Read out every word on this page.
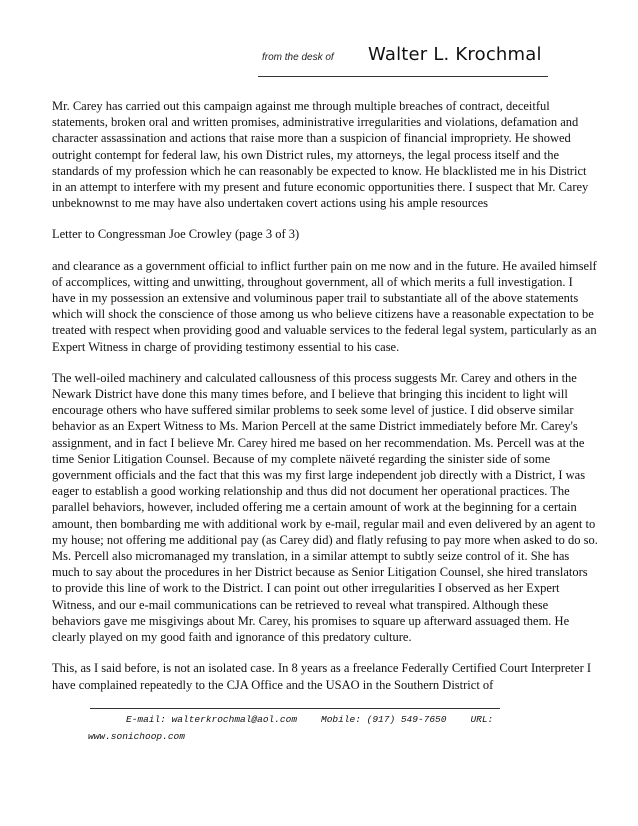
from the desk of Walter L. Krochmal

Mr. Carey has carried out this campaign against me through multiple breaches of contract, deceitful statements, broken oral and written promises, administrative irregularities and violations, defamation and character assassination and actions that raise more than a suspicion of financial impropriety. He showed outright contempt for federal law, his own District rules, my attorneys, the legal process itself and the standards of my profession which he can reasonably be expected to know. He blacklisted me in his District in an attempt to interfere with my present and future economic opportunities there. I suspect that Mr. Carey unbeknownst to me may have also undertaken covert actions using his ample resources

Letter to Congressman Joe Crowley (page 3 of 3)

and clearance as a government official to inflict further pain on me now and in the future. He availed himself of accomplices, witting and unwitting, throughout government, all of which merits a full investigation. I have in my possession an extensive and voluminous paper trail to substantiate all of the above statements which will shock the conscience of those among us who believe citizens have a reasonable expectation to be treated with respect when providing good and valuable services to the federal legal system, particularly as an Expert Witness in charge of providing testimony essential to his case.

The well-oiled machinery and calculated callousness of this process suggests Mr. Carey and others in the Newark District have done this many times before, and I believe that bringing this incident to light will encourage others who have suffered similar problems to seek some level of justice. I did observe similar behavior as an Expert Witness to Ms. Marion Percell at the same District immediately before Mr. Carey's assignment, and in fact I believe Mr. Carey hired me based on her recommendation. Ms. Percell was at the time Senior Litigation Counsel. Because of my complete näiveté regarding the sinister side of some government officials and the fact that this was my first large independent job directly with a District, I was eager to establish a good working relationship and thus did not document her operational practices. The parallel behaviors, however, included offering me a certain amount of work at the beginning for a certain amount, then bombarding me with additional work by e-mail, regular mail and even delivered by an agent to my house; not offering me additional pay (as Carey did) and flatly refusing to pay more when asked to do so. Ms. Percell also micromanaged my translation, in a similar attempt to subtly seize control of it. She has much to say about the procedures in her District because as Senior Litigation Counsel, she hired translators to provide this line of work to the District. I can point out other irregularities I observed as her Expert Witness, and our e-mail communications can be retrieved to reveal what transpired. Although these behaviors gave me misgivings about Mr. Carey, his promises to square up afterward assuaged them. He clearly played on my good faith and ignorance of this predatory culture.

This, as I said before, is not an isolated case. In 8 years as a freelance Federally Certified Court Interpreter I have complained repeatedly to the CJA Office and the USAO in the Southern District of

E-mail: walterkrochmal@aol.com	Mobile: (917) 549-7650	URL:
www.sonichoop.com
